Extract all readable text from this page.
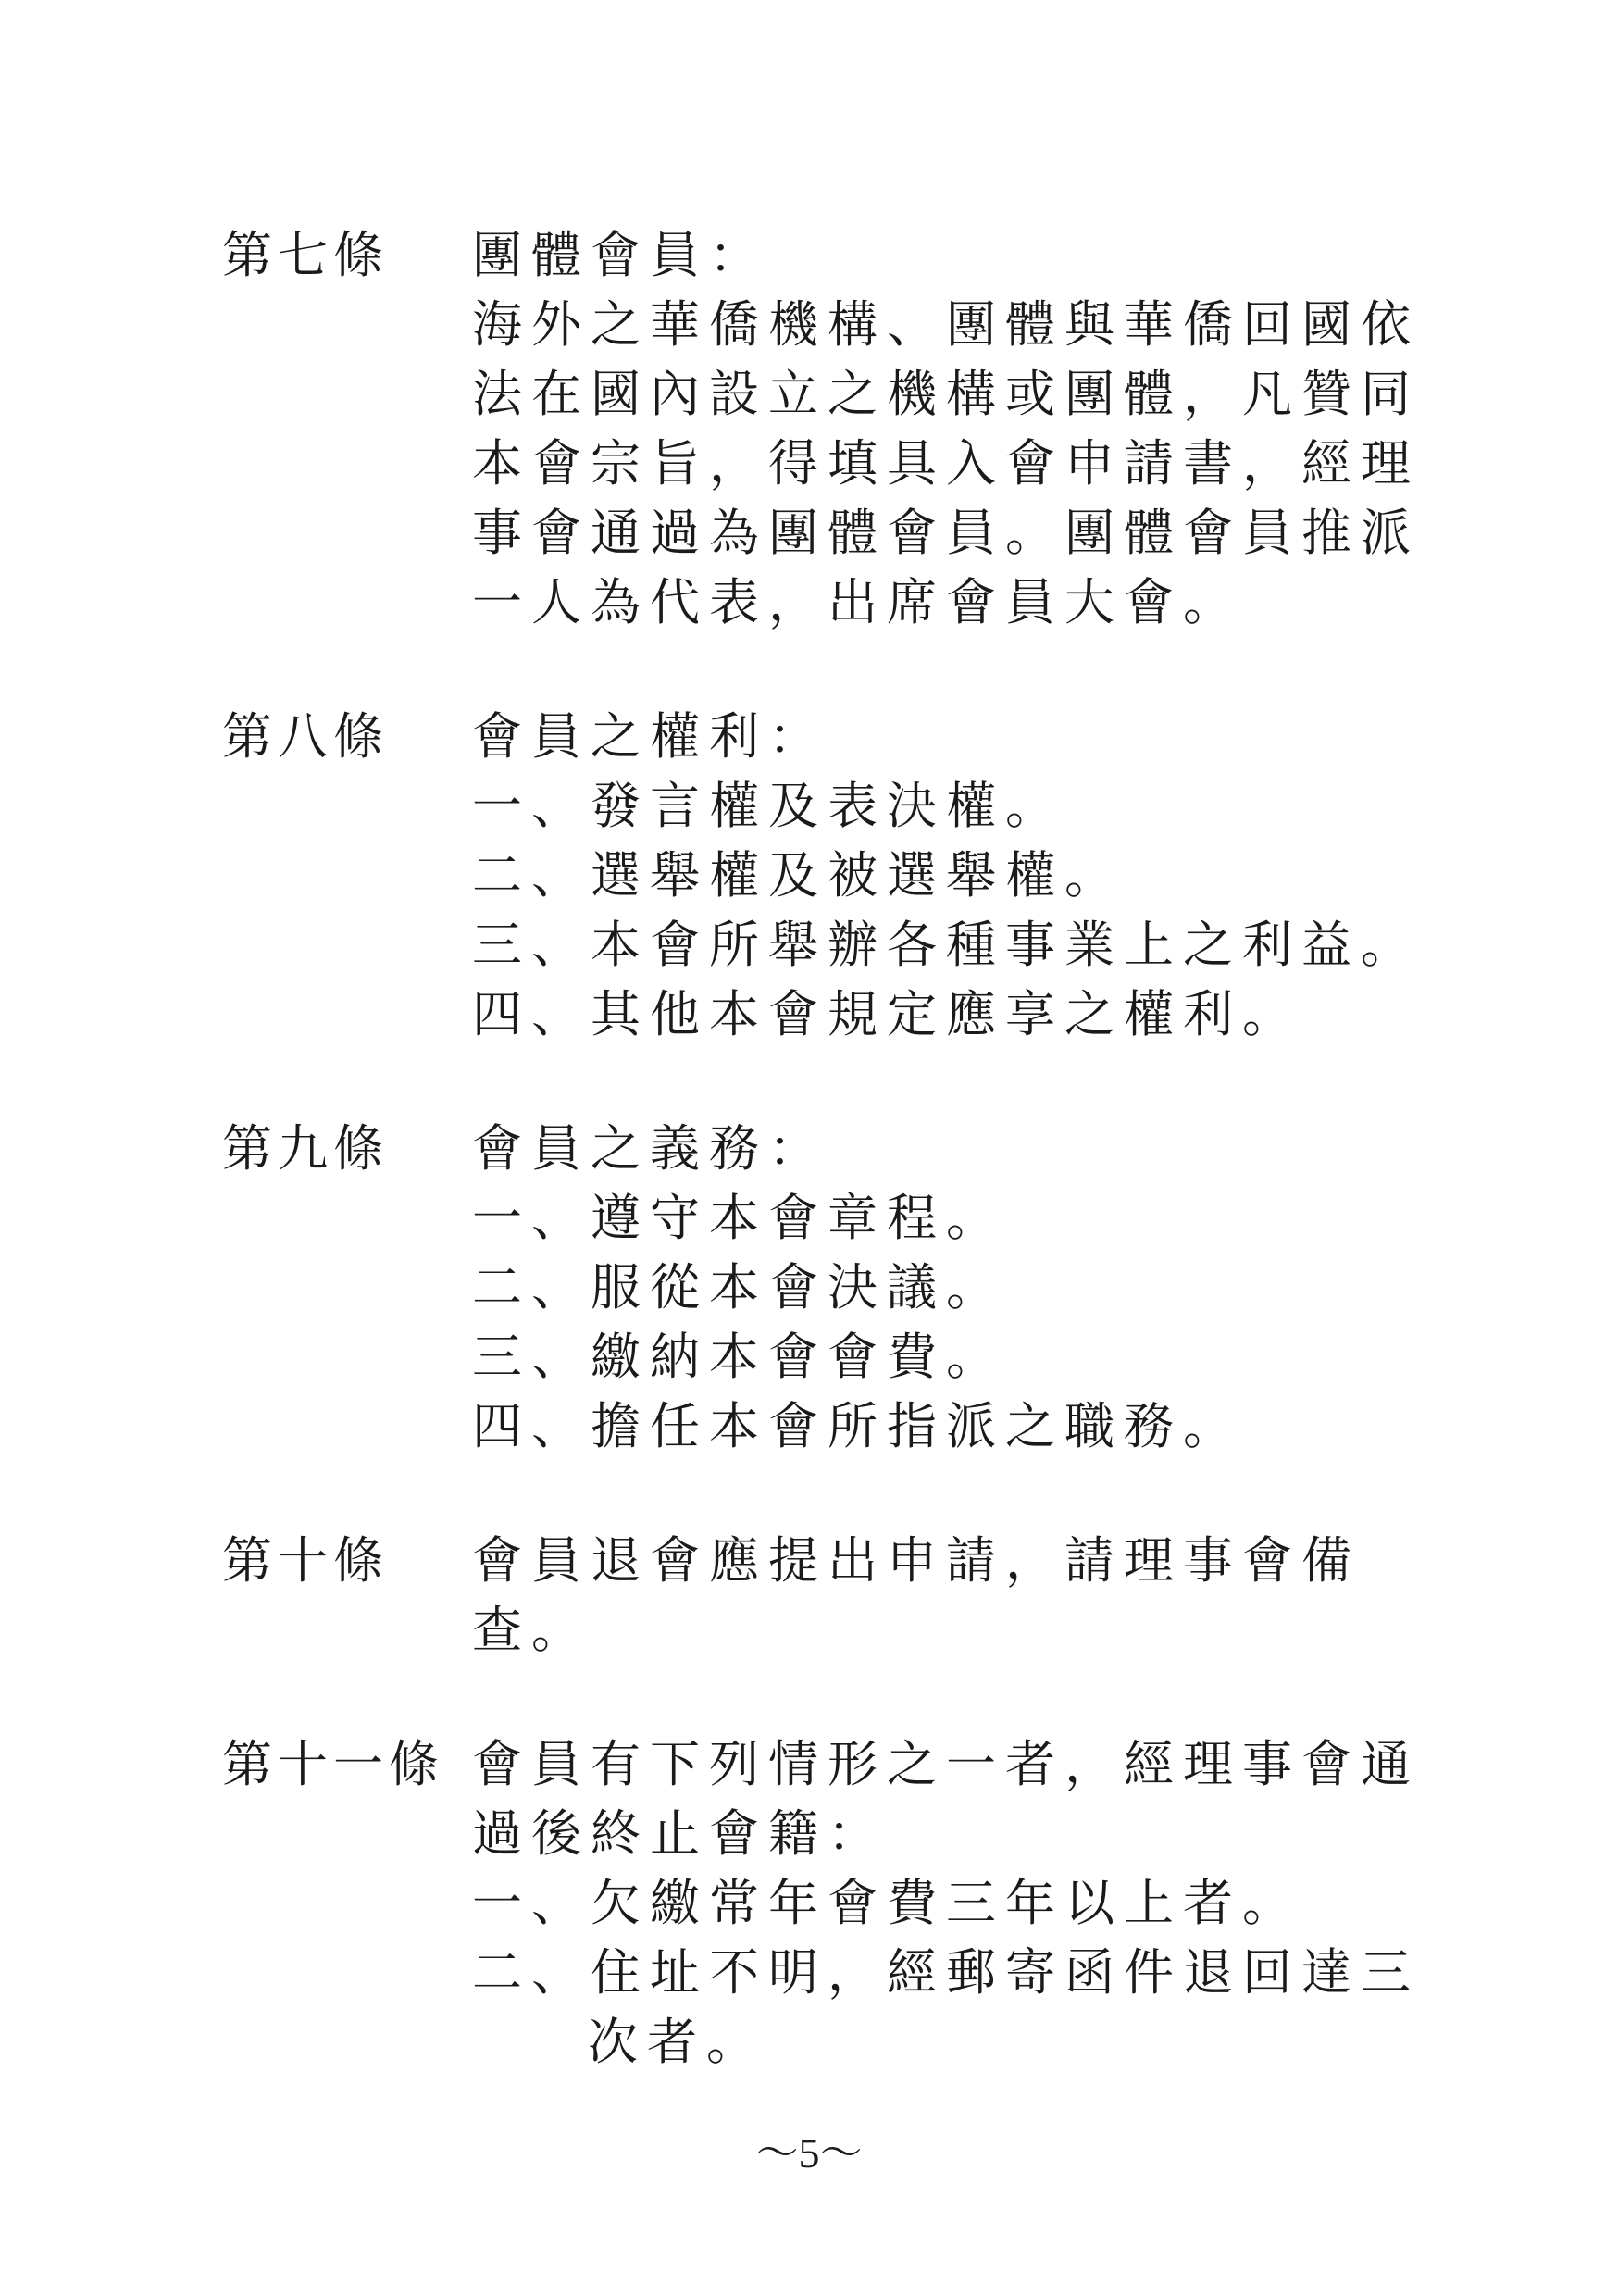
第七條 團體會員：
海外之華僑機構、團體與華僑回國依
法在國內設立之機構或團體，凡贊同
本會宗旨，得填具入會申請書，經理
事會通過為團體會員。團體會員推派
一人為代表，出席會員大會。
第八條 會員之權利：
一、發言權及表決權。
二、選舉權及被選舉權。
三、本會所舉辦各種事業上之利益。
四、其他本會規定應享之權利。
第九條 會員之義務：
一、遵守本會章程。
二、服從本會決議。
三、繳納本會會費。
四、擔任本會所指派之職務。
第十條 會員退會應提出申請，請理事會備
查。
第十一條 會員有下列情形之一者，經理事會通
過後終止會籍：
一、欠繳常年會費三年以上者。
二、住址不明，經郵寄函件退回達三
次者。
～5～
